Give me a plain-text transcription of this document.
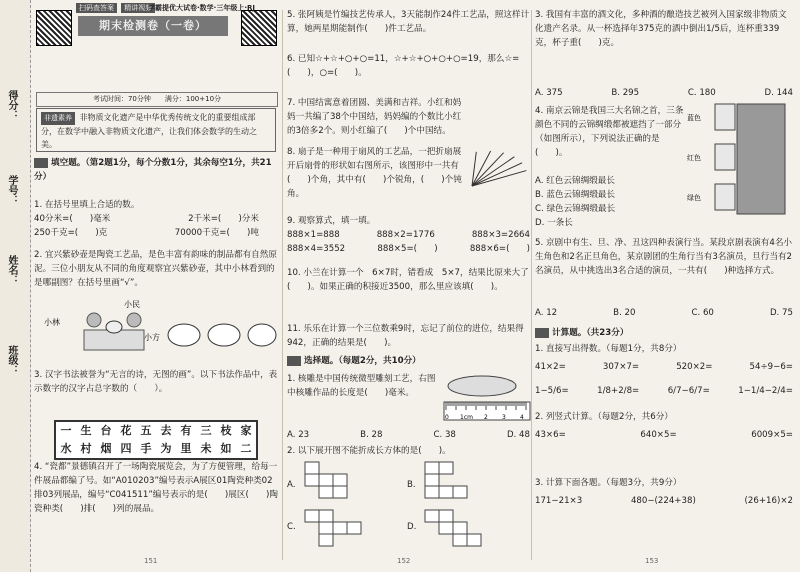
得分：
学号：
姓名：
班级：
扫码查答案 精讲视频
学霸提优大试卷·数学·三年级上·RJ
期末检测卷（一卷）
考试时间：70分钟　　 满分：100+10分
非遗素养 非物质文化遗产是中华优秀传统文化的重要组成部分，在数学中融入非物质文化遗产，让我们体会数学的生动之美。
填空题。（第2题1分，每个分数1分，其余每空1分，共21分）
1. 在括号里填上合适的数。
40分米=(　　)毫米	2千米=(　　)分米
250千克=(　　)克	70000千克=(　　)吨
2. 宜兴紫砂壶是陶瓷工艺品，是色丰富有韵味的制品都有自然原泥。三位小朋友从不同的角度观察宜兴紫砂壶，其中小林看到的是哪副图？在括号里画“√”。
小林
小民
小方
3. 汉字书法被誉为“无言的诗，无图的画”。以下书法作品中，表示数字的汉字占总字数的（　　）。
一 生 台 花 五 去 有 三 枝 家
水 村 烟 四 手 为 里 未 如 二
4. “瓷都”景德镇召开了一场陶瓷展览会，为了方便管理，给每一件展品都编了号。如“A010203”编号表示A展区01陶瓷种类02排03列展品，编号“C041511”编号表示的是(　　)展区(　　)陶瓷种类(　　)排(　　)列的展品。
151
5. 张阿姨是竹编技艺传承人，3天能制作24件工艺品，照这样计算，她两星期能制作(　　)件工艺品。
6. 已知☆+☆+○+○=11，☆+☆+○+○+○=19，那么☆=(　　)，○=(　　)。
7. 中国结寓意着团圆、美满和吉祥。小红和妈妈一共编了38个中国结，妈妈编的个数比小红的3倍多2个。则小红编了(　　)个中国结。
8. 扇子是一种用于扇风的工艺品，一把折扇展开后扇骨的形状如右图所示，该图形中一共有(　　)个角，其中有(　　)个锐角，(　　)个钝角。
9. 观察算式，填一填。
888×1=888	888×2=1776	888×3=2664
888×4=3552	888×5=(　　)	888×6=(　　)
10. 小兰在计算一个　6×7时，错看成　5×7，结果比原来大了(　　)。如果正确的积接近3500，那么里应该填(　　)。
11. 乐乐在计算一个三位数乘9时，忘记了前位的进位，结果得942，正确的结果是(　　)。
选择题。（每题2分，共10分）
1. 核雕是中国传统微型雕刻工艺，右图中核雕作品的长度是(　　)毫米。
0 1cm 2 3 4
A. 23	B. 28	C. 38	D. 48
2. 以下展开图不能折成长方体的是(　　)。
A.	B.
C.	D.
152
3. 我国有丰富的酒文化，多种酒的酿造技艺被列入国家级非物质文化遗产名录。从一杯选择年375克的酒中倒出1/5后，连杯重339克，杯子重(　　)克。
A. 375	B. 295	C. 180	D. 144
4. 南京云锦是我国三大名锦之首，三条颜色不同的云锦绸缎都被遮挡了一部分（如图所示），下列说法正确的是(　　)。
A. 红色云锦绸缎最长
B. 蓝色云锦绸缎最长
C. 绿色云锦绸缎最长
D. 一条长
蓝色
红色
绿色
5. 京剧中有生、旦、净、丑这四种表演行当。某段京剧表演有4名小生角色和2名正旦角色，某京剧团的生角行当有3名演员，旦行当有2名演员，从中挑选出3名合适的演员，一共有(　　)种选择方式。
A. 12	B. 20	C. 60	D. 75
计算题。（共23分）
1. 直接写出得数。（每题1分，共8分）
41×2=	307×7=	520×2=	54÷9−6=
1−5/6=	1/8+2/8=	6/7−6/7=	1−1/4−2/4=
2. 列竖式计算。（每题2分，共6分）
43×6=	640×5=	6009×5=
3. 计算下面各题。（每题3分，共9分）
171−21×3	480−(224+38)	(26+16)×2
153
